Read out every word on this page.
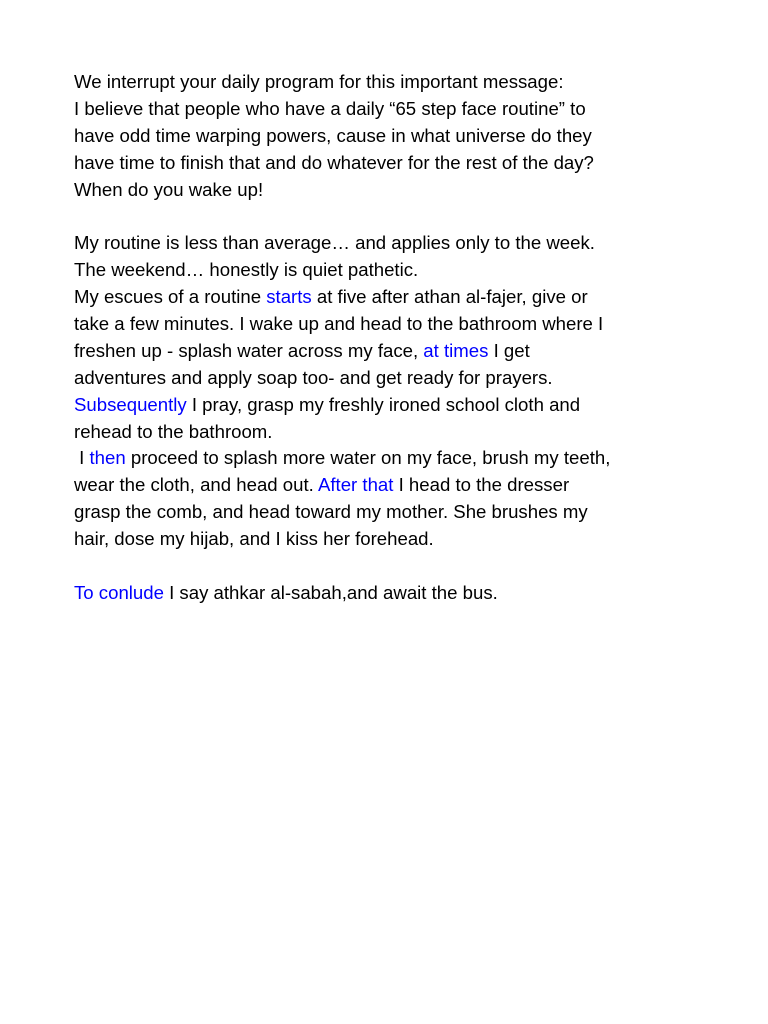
We interrupt your daily program for this important message:
I believe that people who have a daily “65 step face routine” to
have odd time warping powers, cause in what universe do they
have time to finish that and do whatever for the rest of the day?
When do you wake up!
My routine is less than average… and applies only to the week.
The weekend… honestly is quiet pathetic.
My escues of a routine starts at five after athan al-fajer, give or
take a few minutes. I wake up and head to the bathroom where I
freshen up - splash water across my face, at times I get
adventures and apply soap too- and get ready for prayers.
Subsequently I pray, grasp my freshly ironed school cloth and
rehead to the bathroom.
I then proceed to splash more water on my face, brush my teeth,
wear the cloth, and head out. After that I head to the dresser
grasp the comb, and head toward my mother. She brushes my
hair, dose my hijab, and I kiss her forehead.
To conlude I say athkar al-sabah,and await the bus.
